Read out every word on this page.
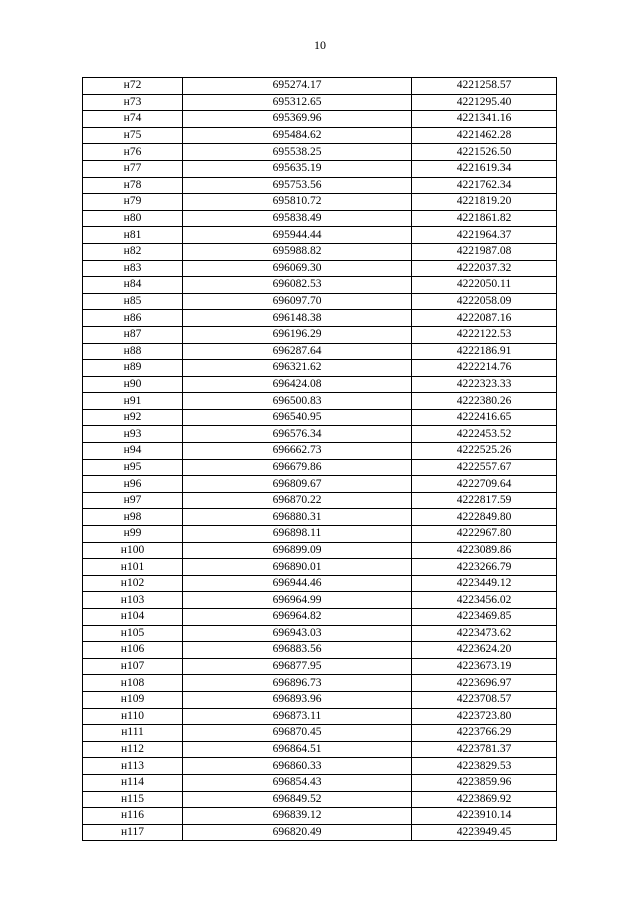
10
н72	695274.17	4221258.57
н73	695312.65	4221295.40
н74	695369.96	4221341.16
н75	695484.62	4221462.28
н76	695538.25	4221526.50
н77	695635.19	4221619.34
н78	695753.56	4221762.34
н79	695810.72	4221819.20
н80	695838.49	4221861.82
н81	695944.44	4221964.37
н82	695988.82	4221987.08
н83	696069.30	4222037.32
н84	696082.53	4222050.11
н85	696097.70	4222058.09
н86	696148.38	4222087.16
н87	696196.29	4222122.53
н88	696287.64	4222186.91
н89	696321.62	4222214.76
н90	696424.08	4222323.33
н91	696500.83	4222380.26
н92	696540.95	4222416.65
н93	696576.34	4222453.52
н94	696662.73	4222525.26
н95	696679.86	4222557.67
н96	696809.67	4222709.64
н97	696870.22	4222817.59
н98	696880.31	4222849.80
н99	696898.11	4222967.80
н100	696899.09	4223089.86
н101	696890.01	4223266.79
н102	696944.46	4223449.12
н103	696964.99	4223456.02
н104	696964.82	4223469.85
н105	696943.03	4223473.62
н106	696883.56	4223624.20
н107	696877.95	4223673.19
н108	696896.73	4223696.97
н109	696893.96	4223708.57
н110	696873.11	4223723.80
н111	696870.45	4223766.29
н112	696864.51	4223781.37
н113	696860.33	4223829.53
н114	696854.43	4223859.96
н115	696849.52	4223869.92
н116	696839.12	4223910.14
н117	696820.49	4223949.45
